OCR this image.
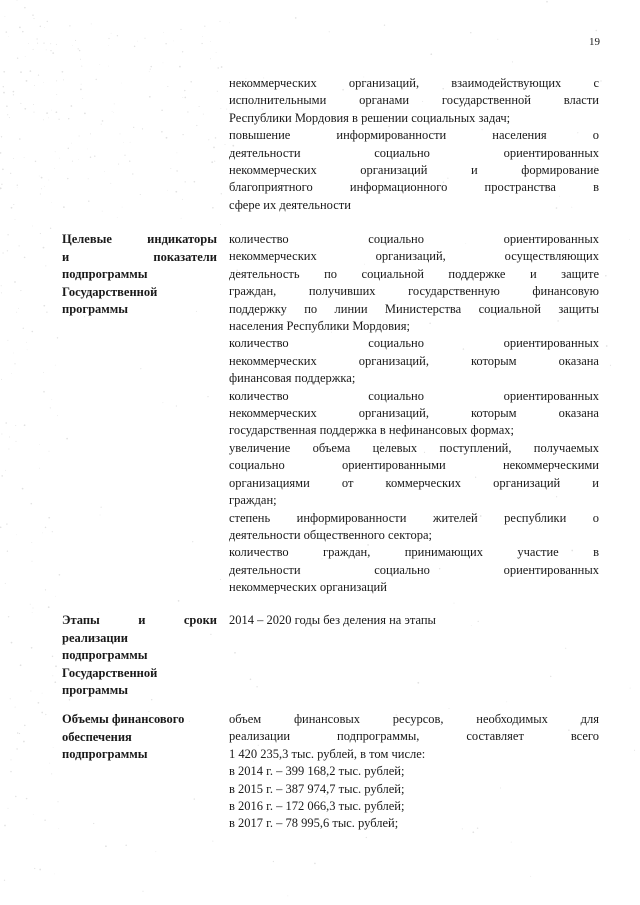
19
некоммерческих организаций, взаимодействующих с
исполнительными органами государственной власти
Республики Мордовия в решении социальных задач;
повышение информированности населения о
деятельности социально ориентированных
некоммерческих организаций и формирование
благоприятного информационного пространства в
сфере их деятельности
Целевые индикаторы
и показатели
подпрограммы
Государственной
программы
количество социально ориентированных
некоммерческих организаций, осуществляющих
деятельность по социальной поддержке и защите
граждан, получивших государственную финансовую
поддержку по линии Министерства социальной защиты
населения Республики Мордовия;
количество социально ориентированных
некоммерческих организаций, которым оказана
финансовая поддержка;
количество социально ориентированных
некоммерческих организаций, которым оказана
государственная поддержка в нефинансовых формах;
увеличение объема целевых поступлений, получаемых
социально ориентированными некоммерческими
организациями от коммерческих организаций и
граждан;
степень информированности жителей республики о
деятельности общественного сектора;
количество граждан, принимающих участие в
деятельности социально ориентированных
некоммерческих организаций
Этапы и сроки
реализации
подпрограммы
Государственной
программы
2014 – 2020 годы без деления на этапы
Объемы финансового
обеспечения
подпрограммы
объем финансовых ресурсов, необходимых для
реализации подпрограммы, составляет всего
1 420 235,3 тыс. рублей, в том числе:
в 2014 г. – 399 168,2 тыс. рублей;
в 2015 г. – 387 974,7 тыс. рублей;
в 2016 г. – 172 066,3 тыс. рублей;
в 2017 г. – 78 995,6 тыс. рублей;
